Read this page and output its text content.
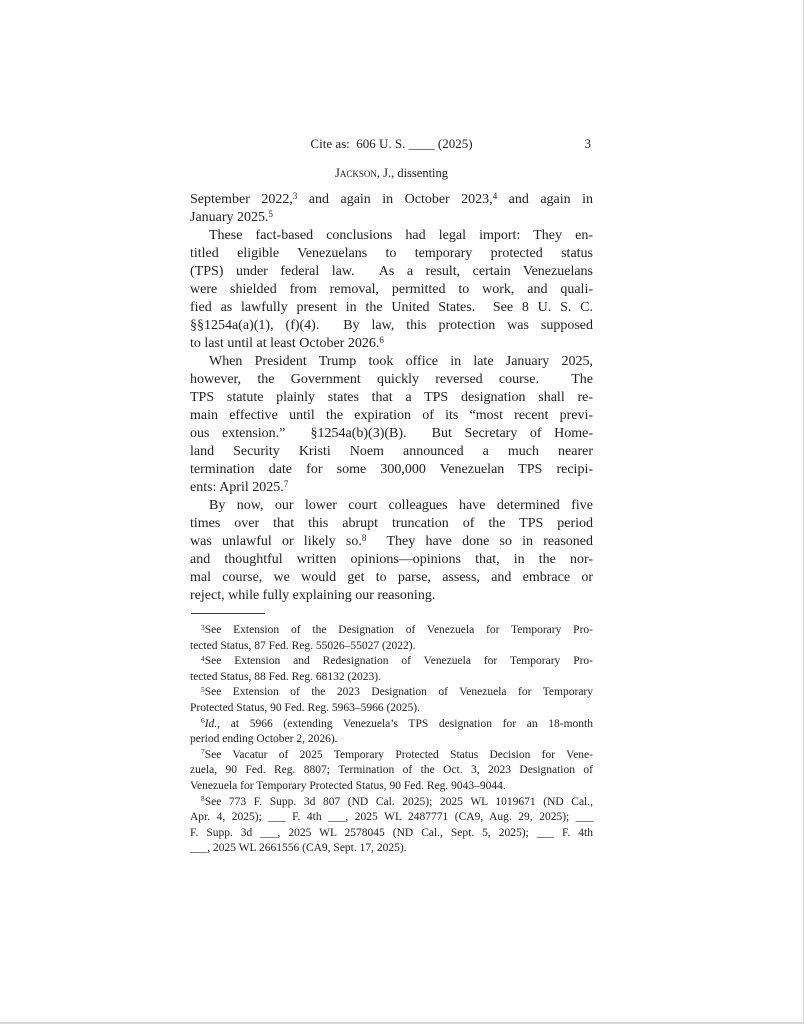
Cite as:  606 U. S. ____ (2025)	3
Jackson, J., dissenting
September 2022,$^3$ and again in October 2023,$^4$ and again in
January 2025.$^5$
These fact-based conclusions had legal import: They en-
titled eligible Venezuelans to temporary protected status
(TPS) under federal law.  As a result, certain Venezuelans
were shielded from removal, permitted to work, and quali-
fied as lawfully present in the United States.  See 8 U. S. C.
§§1254a(a)(1), (f)(4).  By law, this protection was supposed
to last until at least October 2026.$^6$
When President Trump took office in late January 2025,
however, the Government quickly reversed course.  The
TPS statute plainly states that a TPS designation shall re-
main effective until the expiration of its “most recent previ-
ous extension.”  §1254a(b)(3)(B).  But Secretary of Home-
land Security Kristi Noem announced a much nearer
termination date for some 300,000 Venezuelan TPS recipi-
ents: April 2025.$^7$
By now, our lower court colleagues have determined five
times over that this abrupt truncation of the TPS period
was unlawful or likely so.$^8$  They have done so in reasoned
and thoughtful written opinions—opinions that, in the nor-
mal course, we would get to parse, assess, and embrace or
reject, while fully explaining our reasoning.
$^3$See Extension of the Designation of Venezuela for Temporary Pro-
tected Status, 87 Fed. Reg. 55026–55027 (2022).
$^4$See Extension and Redesignation of Venezuela for Temporary Pro-
tected Status, 88 Fed. Reg. 68132 (2023).
$^5$See Extension of the 2023 Designation of Venezuela for Temporary
Protected Status, 90 Fed. Reg. 5963–5966 (2025).
$^6$Id., at 5966 (extending Venezuela’s TPS designation for an 18-month
period ending October 2, 2026).
$^7$See Vacatur of 2025 Temporary Protected Status Decision for Vene-
zuela, 90 Fed. Reg. 8807; Termination of the Oct. 3, 2023 Designation of
Venezuela for Temporary Protected Status, 90 Fed. Reg. 9043–9044.
$^8$See 773 F. Supp. 3d 807 (ND Cal. 2025); 2025 WL 1019671 (ND Cal.,
Apr. 4, 2025); ___ F. 4th ___, 2025 WL 2487771 (CA9, Aug. 29, 2025); ___
F. Supp. 3d ___, 2025 WL 2578045 (ND Cal., Sept. 5, 2025); ___ F. 4th
___, 2025 WL 2661556 (CA9, Sept. 17, 2025).
